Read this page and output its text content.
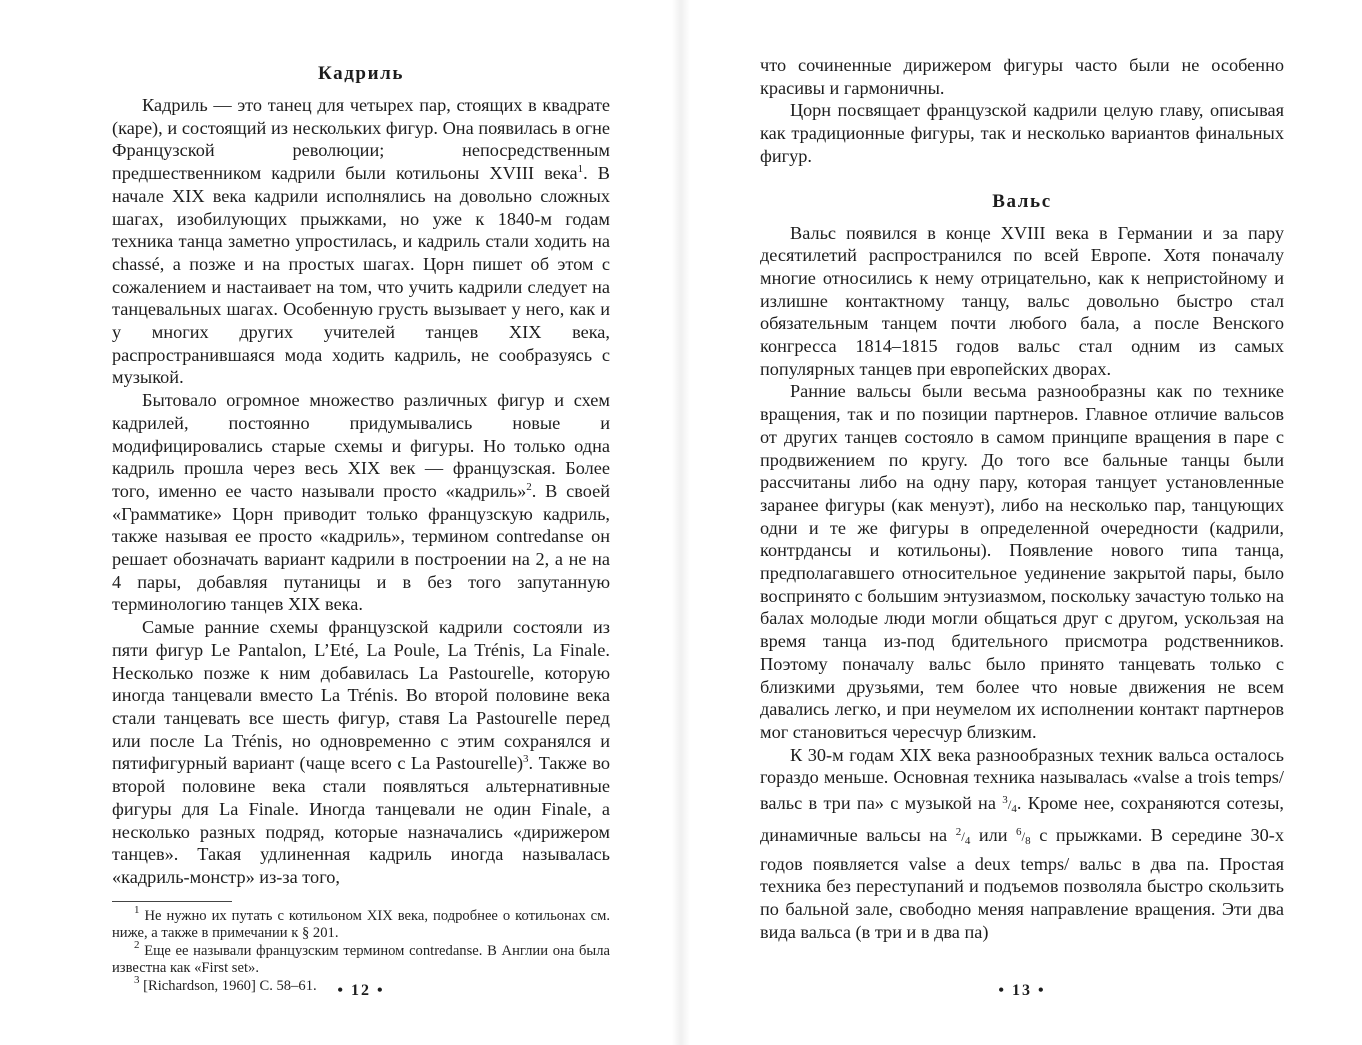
Кадриль

Кадриль — это танец для четырех пар, стоящих в квадрате (каре), и состоящий из нескольких фигур. Она появилась в огне Французской революции; непосредственным предшественником кадрили были котильоны XVIII века$^1$. В начале XIX века кадрили исполнялись на довольно сложных шагах, изобилующих прыжками, но уже к 1840-м годам техника танца заметно упростилась, и кадриль стали ходить на chassé, а позже и на простых шагах. Цорн пишет об этом с сожалением и настаивает на том, что учить кадрили следует на танцевальных шагах. Особенную грусть вызывает у него, как и у многих других учителей танцев XIX века, распространившаяся мода ходить кадриль, не сообразуясь с музыкой.

Бытовало огромное множество различных фигур и схем кадрилей, постоянно придумывались новые и модифицировались старые схемы и фигуры. Но только одна кадриль прошла через весь XIX век — французская. Более того, именно ее часто называли просто «кадриль»$^2$. В своей «Грамматике» Цорн приводит только французскую кадриль, также называя ее просто «кадриль», термином contredanse он решает обозначать вариант кадрили в построении на 2, а не на 4 пары, добавляя путаницы и в без того запутанную терминологию танцев XIX века.

Самые ранние схемы французской кадрили состояли из пяти фигур Le Pantalon, L’Eté, La Poule, La Trénis, La Finale. Несколько позже к ним добавилась La Pastourelle, которую иногда танцевали вместо La Trénis. Во второй половине века стали танцевать все шесть фигур, ставя La Pastourelle перед или после La Trénis, но одновременно с этим сохранялся и пятифигурный вариант (чаще всего с La Pastourelle)$^3$. Также во второй половине века стали появляться альтернативные фигуры для La Finale. Иногда танцевали не один Finale, а несколько разных подряд, которые назначались «дирижером танцев». Такая удлиненная кадриль иногда называлась «кадриль-монстр» из-за того,

$^1$ Не нужно их путать с котильоном XIX века, подробнее о котильонах см. ниже, а также в примечании к § 201.

$^2$ Еще ее называли французским термином contredanse. В Англии она была известна как «First set».

$^3$ [Richardson, 1960] С. 58–61.	• 12 •

что сочиненные дирижером фигуры часто были не особенно красивы и гармоничны.

Цорн посвящает французской кадрили целую главу, описывая как традиционные фигуры, так и несколько вариантов финальных фигур.

Вальс

Вальс появился в конце XVIII века в Германии и за пару десятилетий распространился по всей Европе. Хотя поначалу многие относились к нему отрицательно, как к непристойному и излишне контактному танцу, вальс довольно быстро стал обязательным танцем почти любого бала, а после Венского конгресса 1814–1815 годов вальс стал одним из самых популярных танцев при европейских дворах.

Ранние вальсы были весьма разнообразны как по технике вращения, так и по позиции партнеров. Главное отличие вальсов от других танцев состояло в самом принципе вращения в паре с продвижением по кругу. До того все бальные танцы были рассчитаны либо на одну пару, которая танцует установленные заранее фигуры (как менуэт), либо на несколько пар, танцующих одни и те же фигуры в определенной очередности (кадрили, контрдансы и котильоны). Появление нового типа танца, предполагавшего относительное уединение закрытой пары, было воспринято с большим энтузиазмом, поскольку зачастую только на балах молодые люди могли общаться друг с другом, ускользая на время танца из-под бдительного присмотра родственников. Поэтому поначалу вальс было принято танцевать только с близкими друзьями, тем более что новые движения не всем давались легко, и при неумелом их исполнении контакт партнеров мог становиться чересчур близким.

К 30-м годам XIX века разнообразных техник вальса осталось гораздо меньше. Основная техника называлась «valse a trois temps/вальс в три па» с музыкой на $^3/_4$. Кроме нее, сохраняются сотезы, динамичные вальсы на $^2/_4$ или $^6/_8$ с прыжками. В середине 30-х годов появляется valse a deux temps/ вальс в два па. Простая техника без переступаний и подъемов позволяла быстро скользить по бальной зале, свободно меняя направление вращения. Эти два вида вальса (в три и в два па)

• 13 •
